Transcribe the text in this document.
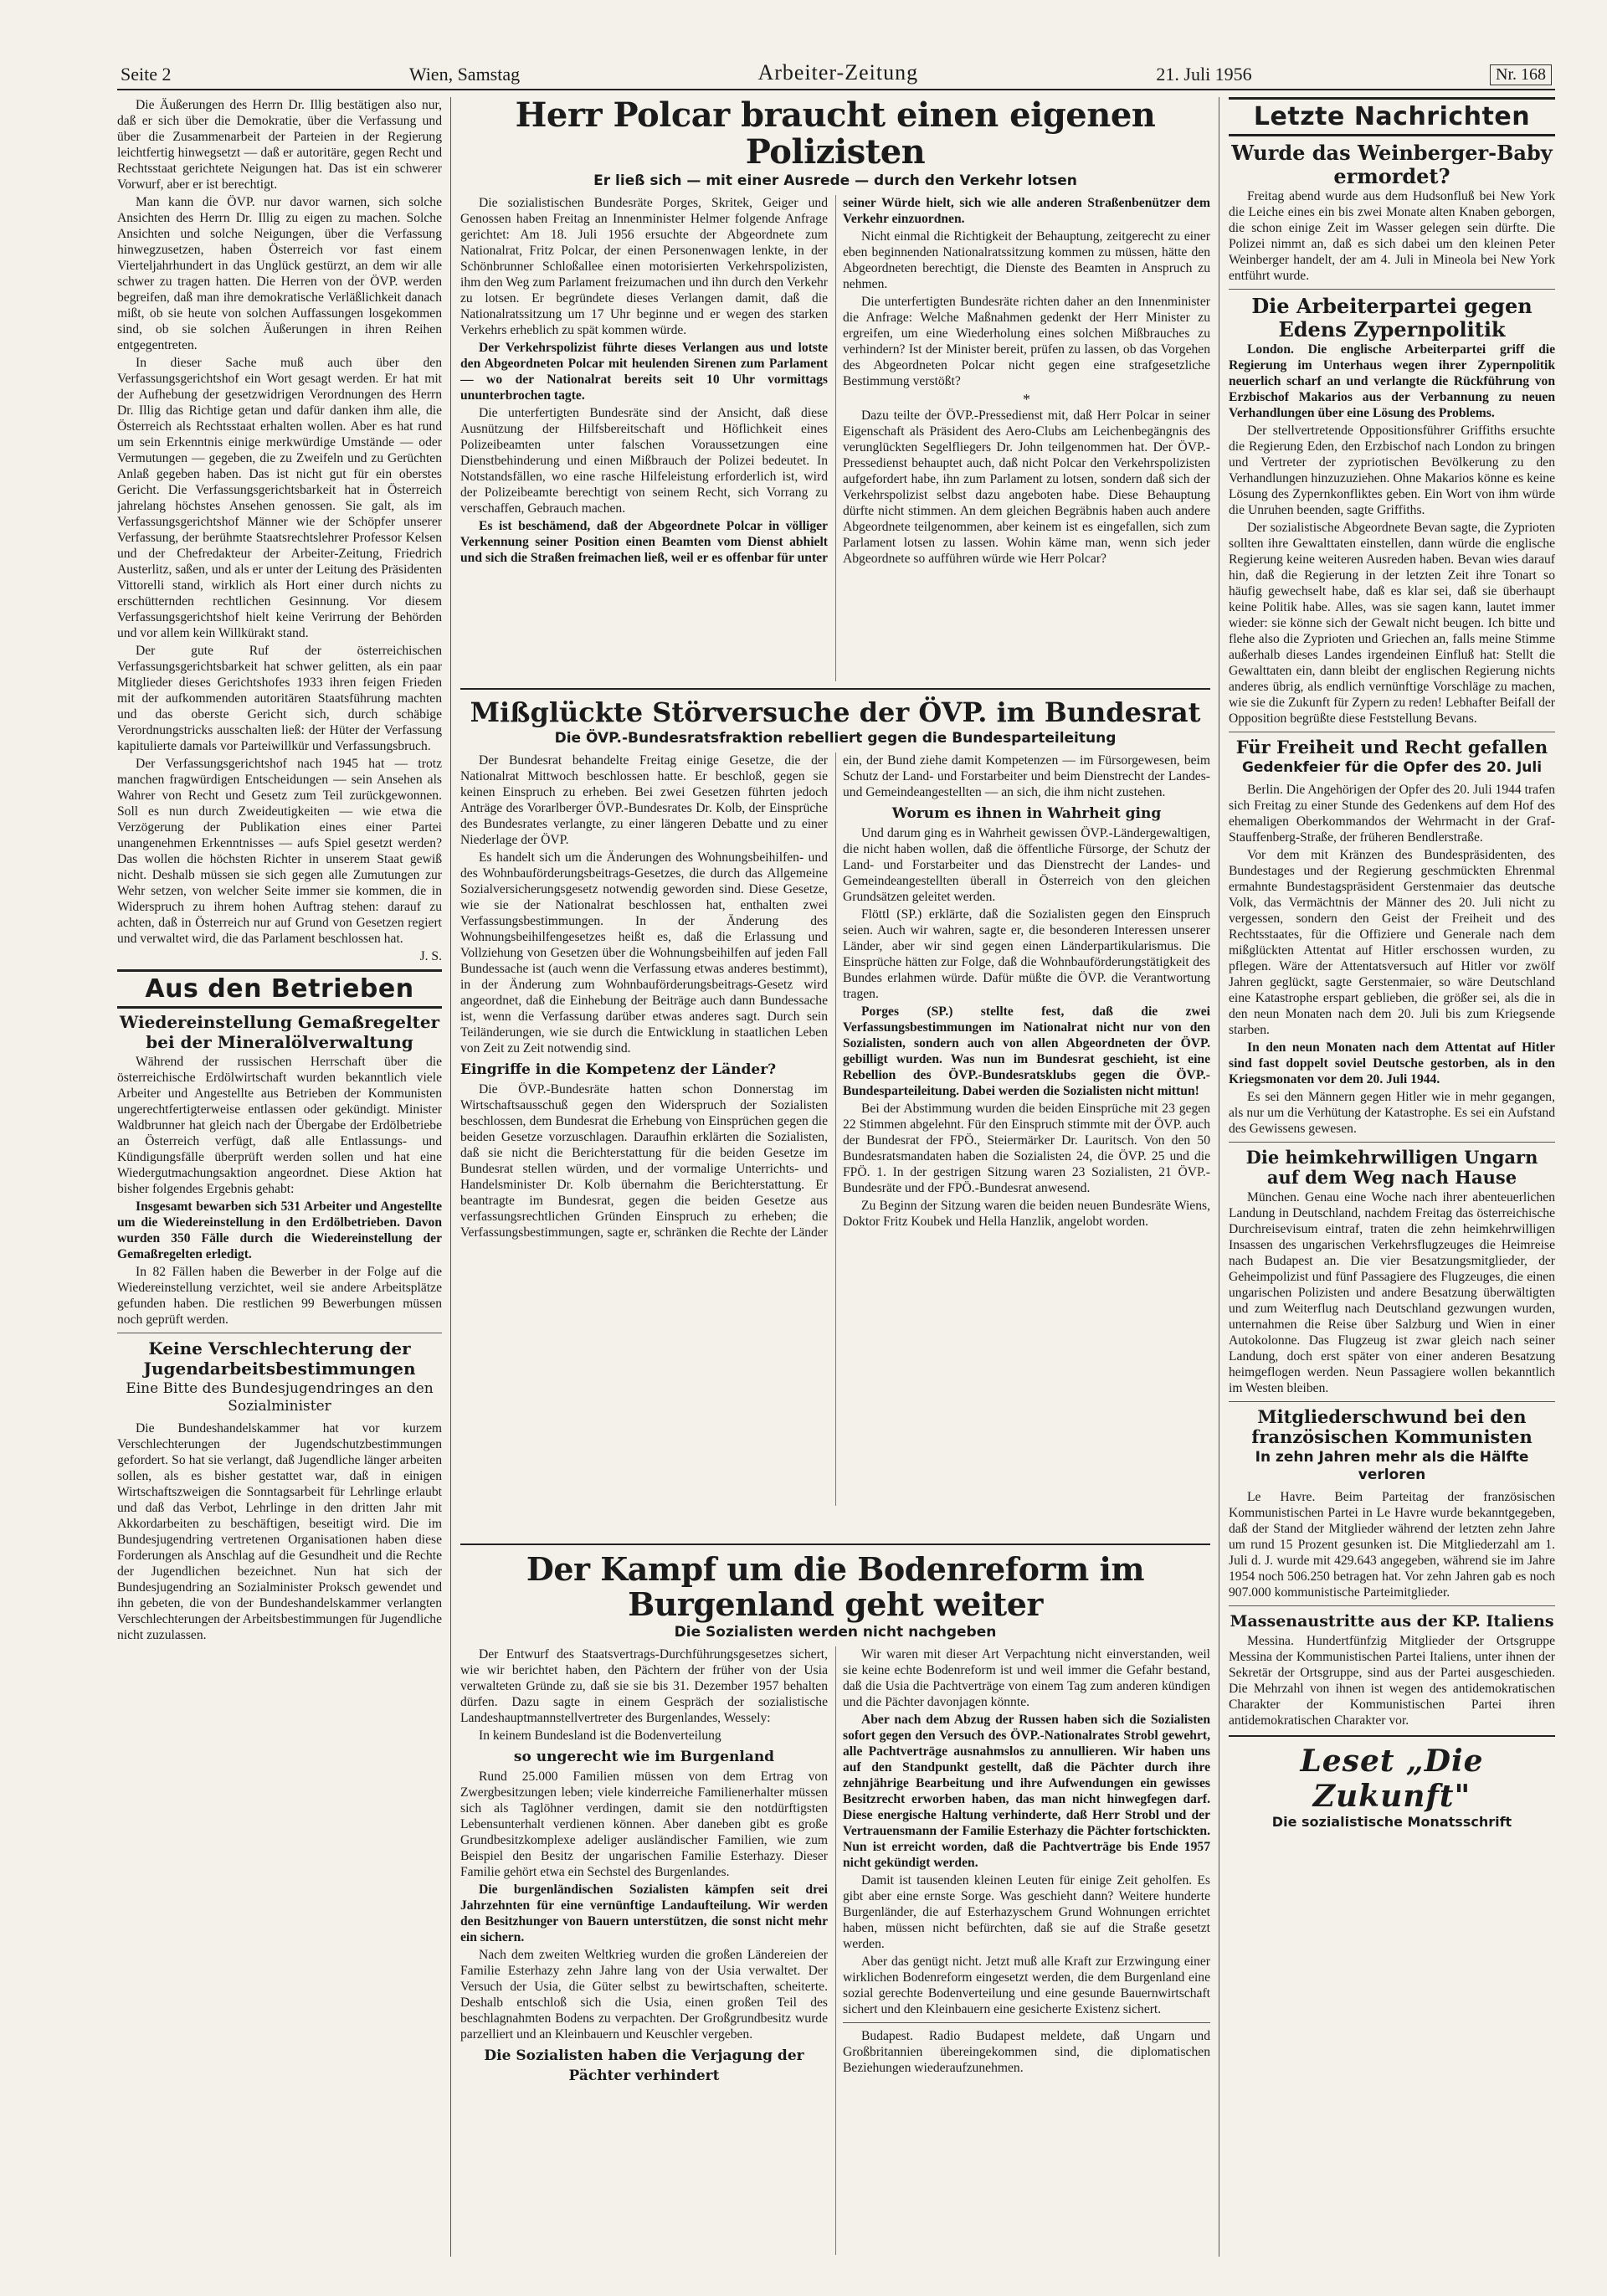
Seite 2	Wien, Samstag	Arbeiter-Zeitung	21. Juli 1956	Nr. 168

Die Äußerungen des Herrn Dr. Illig bestätigen also nur, daß er sich über die Demokratie, über die Verfassung und über die Zusammenarbeit der Parteien in der Regierung leichtfertig hinwegsetzt — daß er autoritäre, gegen Recht und Rechtsstaat gerichtete Neigungen hat. Das ist ein schwerer Vorwurf, aber er ist berechtigt.

Man kann die ÖVP. nur davor warnen, sich solche Ansichten des Herrn Dr. Illig zu eigen zu machen. Solche Ansichten und solche Neigungen, über die Verfassung hinwegzusetzen, haben Österreich vor fast einem Vierteljahrhundert in das Unglück gestürzt, an dem wir alle schwer zu tragen hatten. Die Herren von der ÖVP. werden begreifen, daß man ihre demokratische Verläßlichkeit danach mißt, ob sie heute von solchen Auffassungen losgekommen sind, ob sie solchen Äußerungen in ihren Reihen entgegentreten.

In dieser Sache muß auch über den Verfassungsgerichtshof ein Wort gesagt werden. Er hat mit der Aufhebung der gesetzwidrigen Verordnungen des Herrn Dr. Illig das Richtige getan und dafür danken ihm alle, die Österreich als Rechtsstaat erhalten wollen. Aber es hat rund um sein Erkenntnis einige merkwürdige Umstände — oder Vermutungen — gegeben, die zu Zweifeln und zu Gerüchten Anlaß gegeben haben. Das ist nicht gut für ein oberstes Gericht. Die Verfassungsgerichtsbarkeit hat in Österreich jahrelang höchstes Ansehen genossen. Sie galt, als im Verfassungsgerichtshof Männer wie der Schöpfer unserer Verfassung, der berühmte Staatsrechtslehrer Professor Kelsen und der Chefredakteur der Arbeiter-Zeitung, Friedrich Austerlitz, saßen, und als er unter der Leitung des Präsidenten Vittorelli stand, wirklich als Hort einer durch nichts zu erschütternden rechtlichen Gesinnung. Vor diesem Verfassungsgerichtshof hielt keine Verirrung der Behörden und vor allem kein Willkürakt stand.

Der gute Ruf der österreichischen Verfassungsgerichtsbarkeit hat schwer gelitten, als ein paar Mitglieder dieses Gerichtshofes 1933 ihren feigen Frieden mit der aufkommenden autoritären Staatsführung machten und das oberste Gericht sich, durch schäbige Verordnungstricks ausschalten ließ: der Hüter der Verfassung kapitulierte damals vor Parteiwillkür und Verfassungsbruch.

Der Verfassungsgerichtshof nach 1945 hat — trotz manchen fragwürdigen Entscheidungen — sein Ansehen als Wahrer von Recht und Gesetz zum Teil zurückgewonnen. Soll es nun durch Zweideutigkeiten — wie etwa die Verzögerung der Publikation eines einer Partei unangenehmen Erkenntnisses — aufs Spiel gesetzt werden? Das wollen die höchsten Richter in unserem Staat gewiß nicht. Deshalb müssen sie sich gegen alle Zumutungen zur Wehr setzen, von welcher Seite immer sie kommen, die in Widerspruch zu ihrem hohen Auftrag stehen: darauf zu achten, daß in Österreich nur auf Grund von Gesetzen regiert und verwaltet wird, die das Parlament beschlossen hat.

J. S.

Aus den Betrieben
Wiedereinstellung Gemaßregelter bei der Mineralölverwaltung

Während der russischen Herrschaft über die österreichische Erdölwirtschaft wurden bekanntlich viele Arbeiter und Angestellte aus Betrieben der Kommunisten ungerechtfertigterweise entlassen oder gekündigt. Minister Waldbrunner hat gleich nach der Übergabe der Erdölbetriebe an Österreich verfügt, daß alle Entlassungs- und Kündigungsfälle überprüft werden sollen und hat eine Wiedergutmachungsaktion angeordnet. Diese Aktion hat bisher folgendes Ergebnis gehabt:

Insgesamt bewarben sich 531 Arbeiter und Angestellte um die Wiedereinstellung in den Erdölbetrieben. Davon wurden 350 Fälle durch die Wiedereinstellung der Gemaßregelten erledigt.

In 82 Fällen haben die Bewerber in der Folge auf die Wiedereinstellung verzichtet, weil sie andere Arbeitsplätze gefunden haben. Die restlichen 99 Bewerbungen müssen noch geprüft werden.

Keine Verschlechterung der Jugendarbeitsbestimmungen
Eine Bitte des Bundesjugendringes an den Sozialminister

Die Bundeshandelskammer hat vor kurzem Verschlechterungen der Jugendschutzbestimmungen gefordert. So hat sie verlangt, daß Jugendliche länger arbeiten sollen, als es bisher gestattet war, daß in einigen Wirtschaftszweigen die Sonntagsarbeit für Lehrlinge erlaubt und daß das Verbot, Lehrlinge in den dritten Jahr mit Akkordarbeiten zu beschäftigen, beseitigt wird. Die im Bundesjugendring vertretenen Organisationen haben diese Forderungen als Anschlag auf die Gesundheit und die Rechte der Jugendlichen bezeichnet. Nun hat sich der Bundesjugendring an Sozialminister Proksch gewendet und ihn gebeten, die von der Bundeshandelskammer verlangten Verschlechterungen der Arbeitsbestimmungen für Jugendliche nicht zuzulassen.

Herr Polcar braucht einen eigenen Polizisten
Er ließ sich — mit einer Ausrede — durch den Verkehr lotsen

Die sozialistischen Bundesräte Porges, Skritek, Geiger und Genossen haben Freitag an Innenminister Helmer folgende Anfrage gerichtet: Am 18. Juli 1956 ersuchte der Abgeordnete zum Nationalrat, Fritz Polcar, der einen Personenwagen lenkte, in der Schönbrunner Schloßallee einen motorisierten Verkehrspolizisten, ihm den Weg zum Parlament freizumachen und ihn durch den Verkehr zu lotsen. Er begründete dieses Verlangen damit, daß die Nationalratssitzung um 17 Uhr beginne und er wegen des starken Verkehrs erheblich zu spät kommen würde.

Der Verkehrspolizist führte dieses Verlangen aus und lotste den Abgeordneten Polcar mit heulenden Sirenen zum Parlament — wo der Nationalrat bereits seit 10 Uhr vormittags ununterbrochen tagte.

Die unterfertigten Bundesräte sind der Ansicht, daß diese Ausnützung der Hilfsbereitschaft und Höflichkeit eines Polizeibeamten unter falschen Voraussetzungen eine Dienstbehinderung und einen Mißbrauch der Polizei bedeutet. In Notstandsfällen, wo eine rasche Hilfeleistung erforderlich ist, wird der Polizeibeamte berechtigt von seinem Recht, sich Vorrang zu verschaffen, Gebrauch machen.

Es ist beschämend, daß der Abgeordnete Polcar in völliger Verkennung seiner Position einen Beamten vom Dienst abhielt und sich die Straßen freimachen ließ, weil er es offenbar für unter seiner Würde hielt, sich wie alle anderen Straßenbenützer dem Verkehr einzuordnen.

Nicht einmal die Richtigkeit der Behauptung, zeitgerecht zu einer eben beginnenden Nationalratssitzung kommen zu müssen, hätte den Abgeordneten berechtigt, die Dienste des Beamten in Anspruch zu nehmen.

Die unterfertigten Bundesräte richten daher an den Innenminister die Anfrage: Welche Maßnahmen gedenkt der Herr Minister zu ergreifen, um eine Wiederholung eines solchen Mißbrauches zu verhindern? Ist der Minister bereit, prüfen zu lassen, ob das Vorgehen des Abgeordneten Polcar nicht gegen eine strafgesetzliche Bestimmung verstößt?

*

Dazu teilte der ÖVP.-Pressedienst mit, daß Herr Polcar in seiner Eigenschaft als Präsident des Aero-Clubs am Leichenbegängnis des verunglückten Segelfliegers Dr. John teilgenommen hat. Der ÖVP.-Pressedienst behauptet auch, daß nicht Polcar den Verkehrspolizisten aufgefordert habe, ihn zum Parlament zu lotsen, sondern daß sich der Verkehrspolizist selbst dazu angeboten habe. Diese Behauptung dürfte nicht stimmen. An dem gleichen Begräbnis haben auch andere Abgeordnete teilgenommen, aber keinem ist es eingefallen, sich zum Parlament lotsen zu lassen. Wohin käme man, wenn sich jeder Abgeordnete so aufführen würde wie Herr Polcar?

Mißglückte Störversuche der ÖVP. im Bundesrat
Die ÖVP.-Bundesratsfraktion rebelliert gegen die Bundesparteileitung

Der Bundesrat behandelte Freitag einige Gesetze, die der Nationalrat Mittwoch beschlossen hatte. Er beschloß, gegen sie keinen Einspruch zu erheben. Bei zwei Gesetzen führten jedoch Anträge des Vorarlberger ÖVP.-Bundesrates Dr. Kolb, der Einsprüche des Bundesrates verlangte, zu einer längeren Debatte und zu einer Niederlage der ÖVP.

Es handelt sich um die Änderungen des Wohnungsbeihilfen- und des Wohnbauförderungsbeitrags-Gesetzes, die durch das Allgemeine Sozialversicherungsgesetz notwendig geworden sind. Diese Gesetze, wie sie der Nationalrat beschlossen hat, enthalten zwei Verfassungsbestimmungen. In der Änderung des Wohnungsbeihilfengesetzes heißt es, daß die Erlassung und Vollziehung von Gesetzen über die Wohnungsbeihilfen auf jeden Fall Bundessache ist (auch wenn die Verfassung etwas anderes bestimmt), in der Änderung zum Wohnbauförderungsbeitrags-Gesetz wird angeordnet, daß die Einhebung der Beiträge auch dann Bundessache ist, wenn die Verfassung darüber etwas anderes sagt. Durch sein Teiländerungen, wie sie durch die Entwicklung in staatlichen Leben von Zeit zu Zeit notwendig sind.

Eingriffe in die Kompetenz der Länder?

Die ÖVP.-Bundesräte hatten schon Donnerstag im Wirtschaftsausschuß gegen den Widerspruch der Sozialisten beschlossen, dem Bundesrat die Erhebung von Einsprüchen gegen die beiden Gesetze vorzuschlagen. Daraufhin erklärten die Sozialisten, daß sie nicht die Berichterstattung für die beiden Gesetze im Bundesrat stellen würden, und der vormalige Unterrichts- und Handelsminister Dr. Kolb übernahm die Berichterstattung. Er beantragte im Bundesrat, gegen die beiden Gesetze aus verfassungsrechtlichen Gründen Einspruch zu erheben; die Verfassungsbestimmungen, sagte er, schränken die Rechte der Länder ein, der Bund ziehe damit Kompetenzen — im Fürsorgewesen, beim Schutz der Land- und Forstarbeiter und beim Dienstrecht der Landes- und Gemeindeangestellten — an sich, die ihm nicht zustehen.

Worum es ihnen in Wahrheit ging

Und darum ging es in Wahrheit gewissen ÖVP.-Ländergewaltigen, die nicht haben wollen, daß die öffentliche Fürsorge, der Schutz der Land- und Forstarbeiter und das Dienstrecht der Landes- und Gemeindeangestellten überall in Österreich von den gleichen Grundsätzen geleitet werden.

Flöttl (SP.) erklärte, daß die Sozialisten gegen den Einspruch seien. Auch wir wahren, sagte er, die besonderen Interessen unserer Länder, aber wir sind gegen einen Länderpartikularismus. Die Einsprüche hätten zur Folge, daß die Wohnbauförderungstätigkeit des Bundes erlahmen würde. Dafür müßte die ÖVP. die Verantwortung tragen.

Porges (SP.) stellte fest, daß die zwei Verfassungsbestimmungen im Nationalrat nicht nur von den Sozialisten, sondern auch von allen Abgeordneten der ÖVP. gebilligt wurden. Was nun im Bundesrat geschieht, ist eine Rebellion des ÖVP.-Bundesratsklubs gegen die ÖVP.-Bundesparteileitung. Dabei werden die Sozialisten nicht mittun!

Bei der Abstimmung wurden die beiden Einsprüche mit 23 gegen 22 Stimmen abgelehnt. Für den Einspruch stimmte mit der ÖVP. auch der Bundesrat der FPÖ., Steiermärker Dr. Lauritsch. Von den 50 Bundesratsmandaten haben die Sozialisten 24, die ÖVP. 25 und die FPÖ. 1. In der gestrigen Sitzung waren 23 Sozialisten, 21 ÖVP.-Bundesräte und der FPÖ.-Bundesrat anwesend.

Zu Beginn der Sitzung waren die beiden neuen Bundesräte Wiens, Doktor Fritz Koubek und Hella Hanzlik, angelobt worden.

Der Kampf um die Bodenreform im Burgenland geht weiter
Die Sozialisten werden nicht nachgeben

Der Entwurf des Staatsvertrags-Durchführungsgesetzes sichert, wie wir berichtet haben, den Pächtern der früher von der Usia verwalteten Gründe zu, daß sie sie bis 31. Dezember 1957 behalten dürfen. Dazu sagte in einem Gespräch der sozialistische Landeshauptmannstellvertreter des Burgenlandes, Wessely:

In keinem Bundesland ist die Bodenverteilung

so ungerecht wie im Burgenland

Rund 25.000 Familien müssen von dem Ertrag von Zwergbesitzungen leben; viele kinderreiche Familienerhalter müssen sich als Taglöhner verdingen, damit sie den notdürftigsten Lebensunterhalt verdienen können. Aber daneben gibt es große Grundbesitzkomplexe adeliger ausländischer Familien, wie zum Beispiel den Besitz der ungarischen Familie Esterhazy. Dieser Familie gehört etwa ein Sechstel des Burgenlandes.

Die burgenländischen Sozialisten kämpfen seit drei Jahrzehnten für eine vernünftige Landaufteilung. Wir werden den Besitzhunger von Bauern unterstützen, die sonst nicht mehr ein sichern.

Nach dem zweiten Weltkrieg wurden die großen Ländereien der Familie Esterhazy zehn Jahre lang von der Usia verwaltet. Der Versuch der Usia, die Güter selbst zu bewirtschaften, scheiterte. Deshalb entschloß sich die Usia, einen großen Teil des beschlagnahmten Bodens zu verpachten. Der Großgrundbesitz wurde parzelliert und an Kleinbauern und Keuschler vergeben.

Die Sozialisten haben die Verjagung der Pächter verhindert

Wir waren mit dieser Art Verpachtung nicht einverstanden, weil sie keine echte Bodenreform ist und weil immer die Gefahr bestand, daß die Usia die Pachtverträge von einem Tag zum anderen kündigen und die Pächter davonjagen könnte.

Aber nach dem Abzug der Russen haben sich die Sozialisten sofort gegen den Versuch des ÖVP.-Nationalrates Strobl gewehrt, alle Pachtverträge ausnahmslos zu annullieren. Wir haben uns auf den Standpunkt gestellt, daß die Pächter durch ihre zehnjährige Bearbeitung und ihre Aufwendungen ein gewisses Besitzrecht erworben haben, das man nicht hinwegfegen darf. Diese energische Haltung verhinderte, daß Herr Strobl und der Vertrauensmann der Familie Esterhazy die Pächter fortschickten. Nun ist erreicht worden, daß die Pachtverträge bis Ende 1957 nicht gekündigt werden.

Damit ist tausenden kleinen Leuten für einige Zeit geholfen. Es gibt aber eine ernste Sorge. Was geschieht dann? Weitere hunderte Burgenländer, die auf Esterhazyschem Grund Wohnungen errichtet haben, müssen nicht befürchten, daß sie auf die Straße gesetzt werden.

Aber das genügt nicht. Jetzt muß alle Kraft zur Erzwingung einer wirklichen Bodenreform eingesetzt werden, die dem Burgenland eine sozial gerechte Bodenverteilung und eine gesunde Bauernwirtschaft sichert und den Kleinbauern eine gesicherte Existenz sichert.

Budapest. Radio Budapest meldete, daß Ungarn und Großbritannien übereingekommen sind, die diplomatischen Beziehungen wiederaufzunehmen.

Letzte Nachrichten
Wurde das Weinberger-Baby ermordet?

Freitag abend wurde aus dem Hudsonfluß bei New York die Leiche eines ein bis zwei Monate alten Knaben geborgen, die schon einige Zeit im Wasser gelegen sein dürfte. Die Polizei nimmt an, daß es sich dabei um den kleinen Peter Weinberger handelt, der am 4. Juli in Mineola bei New York entführt wurde.

Die Arbeiterpartei gegen Edens Zypernpolitik

London. Die englische Arbeiterpartei griff die Regierung im Unterhaus wegen ihrer Zypernpolitik neuerlich scharf an und verlangte die Rückführung von Erzbischof Makarios aus der Verbannung zu neuen Verhandlungen über eine Lösung des Problems.

Der stellvertretende Oppositionsführer Griffiths ersuchte die Regierung Eden, den Erzbischof nach London zu bringen und Vertreter der zypriotischen Bevölkerung zu den Verhandlungen hinzuzuziehen. Ohne Makarios könne es keine Lösung des Zypernkonfliktes geben. Ein Wort von ihm würde die Unruhen beenden, sagte Griffiths.

Der sozialistische Abgeordnete Bevan sagte, die Zyprioten sollten ihre Gewalttaten einstellen, dann würde die englische Regierung keine weiteren Ausreden haben. Bevan wies darauf hin, daß die Regierung in der letzten Zeit ihre Tonart so häufig gewechselt habe, daß es klar sei, daß sie überhaupt keine Politik habe. Alles, was sie sagen kann, lautet immer wieder: sie könne sich der Gewalt nicht beugen. Ich bitte und flehe also die Zyprioten und Griechen an, falls meine Stimme außerhalb dieses Landes irgendeinen Einfluß hat: Stellt die Gewalttaten ein, dann bleibt der englischen Regierung nichts anderes übrig, als endlich vernünftige Vorschläge zu machen, wie sie die Zukunft für Zypern zu reden! Lebhafter Beifall der Opposition begrüßte diese Feststellung Bevans.

Für Freiheit und Recht gefallen
Gedenkfeier für die Opfer des 20. Juli

Berlin. Die Angehörigen der Opfer des 20. Juli 1944 trafen sich Freitag zu einer Stunde des Gedenkens auf dem Hof des ehemaligen Oberkommandos der Wehrmacht in der Graf-Stauffenberg-Straße, der früheren Bendlerstraße.

Vor dem mit Kränzen des Bundespräsidenten, des Bundestages und der Regierung geschmückten Ehrenmal ermahnte Bundestagspräsident Gerstenmaier das deutsche Volk, das Vermächtnis der Männer des 20. Juli nicht zu vergessen, sondern den Geist der Freiheit und des Rechtsstaates, für die Offiziere und Generale nach dem mißglückten Attentat auf Hitler erschossen wurden, zu pflegen. Wäre der Attentatsversuch auf Hitler vor zwölf Jahren geglückt, sagte Gerstenmaier, so wäre Deutschland eine Katastrophe erspart geblieben, die größer sei, als die in den neun Monaten nach dem 20. Juli bis zum Kriegsende starben.

In den neun Monaten nach dem Attentat auf Hitler sind fast doppelt soviel Deutsche gestorben, als in den Kriegsmonaten vor dem 20. Juli 1944.

Es sei den Männern gegen Hitler wie in mehr gegangen, als nur um die Verhütung der Katastrophe. Es sei ein Aufstand des Gewissens gewesen.

Die heimkehrwilligen Ungarn auf dem Weg nach Hause

München. Genau eine Woche nach ihrer abenteuerlichen Landung in Deutschland, nachdem Freitag das österreichische Durchreisevisum eintraf, traten die zehn heimkehrwilligen Insassen des ungarischen Verkehrsflugzeuges die Heimreise nach Budapest an. Die vier Besatzungsmitglieder, der Geheimpolizist und fünf Passagiere des Flugzeuges, die einen ungarischen Polizisten und andere Besatzung überwältigten und zum Weiterflug nach Deutschland gezwungen wurden, unternahmen die Reise über Salzburg und Wien in einer Autokolonne. Das Flugzeug ist zwar gleich nach seiner Landung, doch erst später von einer anderen Besatzung heimgeflogen werden. Neun Passagiere wollen bekanntlich im Westen bleiben.

Mitgliederschwund bei den französischen Kommunisten
In zehn Jahren mehr als die Hälfte verloren

Le Havre. Beim Parteitag der französischen Kommunistischen Partei in Le Havre wurde bekanntgegeben, daß der Stand der Mitglieder während der letzten zehn Jahre um rund 15 Prozent gesunken ist. Die Mitgliederzahl am 1. Juli d. J. wurde mit 429.643 angegeben, während sie im Jahre 1954 noch 506.250 betragen hat. Vor zehn Jahren gab es noch 907.000 kommunistische Parteimitglieder.

Massenaustritte aus der KP. Italiens

Messina. Hundertfünfzig Mitglieder der Ortsgruppe Messina der Kommunistischen Partei Italiens, unter ihnen der Sekretär der Ortsgruppe, sind aus der Partei ausgeschieden. Die Mehrzahl von ihnen ist wegen des antidemokratischen Charakter der Kommunistischen Partei ihren antidemokratischen Charakter vor.

Leset „Die Zukunft"
Die sozialistische Monatsschrift
